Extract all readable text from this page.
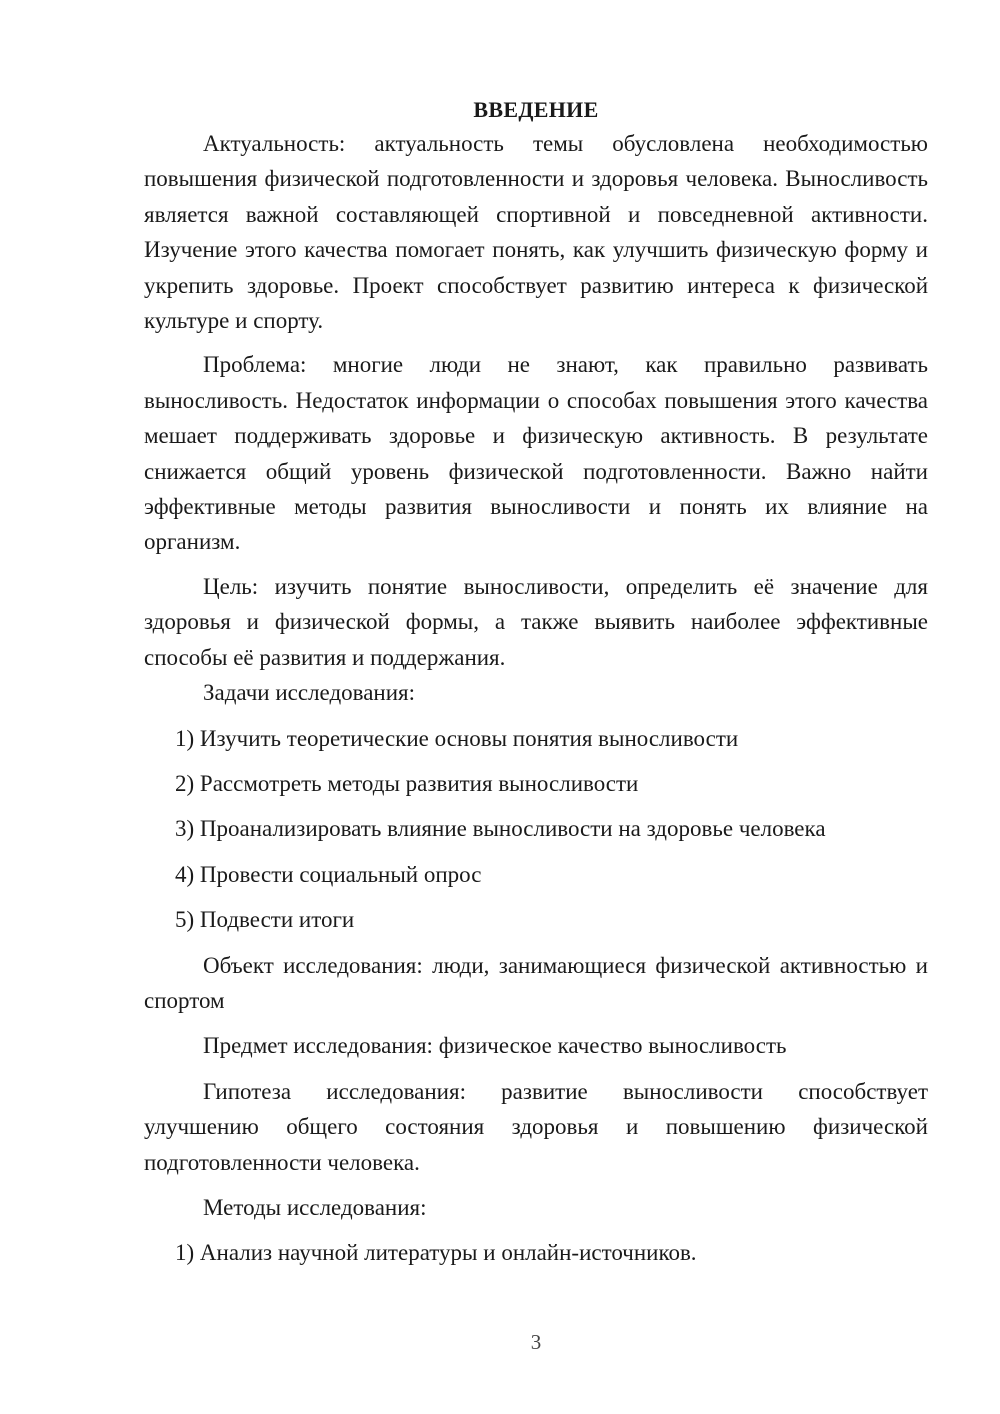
ВВЕДЕНИЕ

Актуальность: актуальность темы обусловлена необходимостью повышения физической подготовленности и здоровья человека. Выносливость является важной составляющей спортивной и повседневной активности. Изучение этого качества помогает понять, как улучшить физическую форму и укрепить здоровье. Проект способствует развитию интереса к физической культуре и спорту.

Проблема: многие люди не знают, как правильно развивать выносливость. Недостаток информации о способах повышения этого качества мешает поддерживать здоровье и физическую активность. В результате снижается общий уровень физической подготовленности. Важно найти эффективные методы развития выносливости и понять их влияние на организм.

Цель: изучить понятие выносливости, определить её значение для здоровья и физической формы, а также выявить наиболее эффективные способы её развития и поддержания.

Задачи исследования:

1) Изучить теоретические основы понятия выносливости

2) Рассмотреть методы развития выносливости

3) Проанализировать влияние выносливости на здоровье человека

4) Провести социальный опрос

5) Подвести итоги

Объект исследования: люди, занимающиеся физической активностью и спортом

Предмет исследования: физическое качество выносливость

Гипотеза исследования: развитие выносливости способствует улучшению общего состояния здоровья и повышению физической подготовленности человека.

Методы исследования:

1) Анализ научной литературы и онлайн-источников.

3
